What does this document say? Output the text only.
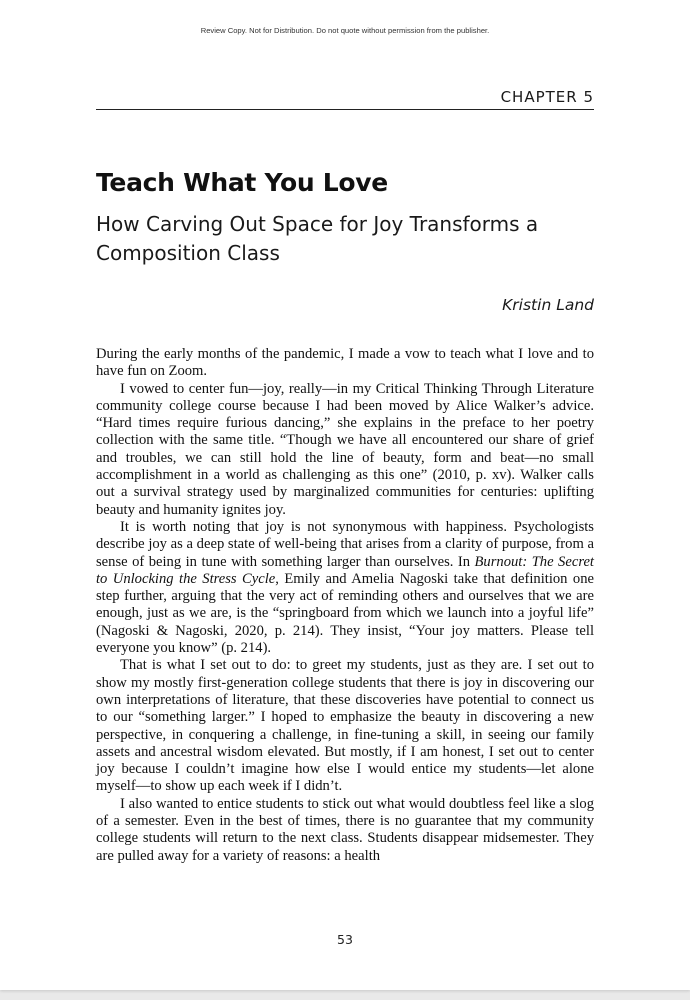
Review Copy. Not for Distribution. Do not quote without permission from the publisher.
CHAPTER 5
Teach What You Love
How Carving Out Space for Joy Transforms a Composition Class
Kristin Land

During the early months of the pandemic, I made a vow to teach what I love and to have fun on Zoom.

I vowed to center fun—joy, really—in my Critical Thinking Through Literature community college course because I had been moved by Alice Walker’s advice. “Hard times require furious dancing,” she explains in the preface to her poetry collection with the same title. “Though we have all encountered our share of grief and troubles, we can still hold the line of beauty, form and beat—no small accomplishment in a world as challenging as this one” (2010, p. xv). Walker calls out a survival strategy used by marginalized communities for centuries: uplifting beauty and humanity ignites joy.

It is worth noting that joy is not synonymous with happiness. Psychologists describe joy as a deep state of well-being that arises from a clarity of purpose, from a sense of being in tune with something larger than ourselves. In Burnout: The Secret to Unlocking the Stress Cycle, Emily and Amelia Nagoski take that definition one step further, arguing that the very act of reminding others and ourselves that we are enough, just as we are, is the “springboard from which we launch into a joyful life” (Nagoski & Nagoski, 2020, p. 214). They insist, “Your joy matters. Please tell everyone you know” (p. 214).

That is what I set out to do: to greet my students, just as they are. I set out to show my mostly first-generation college students that there is joy in discovering our own interpretations of literature, that these discoveries have potential to connect us to our “something larger.” I hoped to emphasize the beauty in discovering a new perspective, in conquering a challenge, in fine-tuning a skill, in seeing our family assets and ancestral wisdom elevated. But mostly, if I am honest, I set out to center joy because I couldn’t imagine how else I would entice my students—let alone myself—to show up each week if I didn’t.

I also wanted to entice students to stick out what would doubtless feel like a slog of a semester. Even in the best of times, there is no guarantee that my community college students will return to the next class. Students disappear midsemester. They are pulled away for a variety of reasons: a health

53
